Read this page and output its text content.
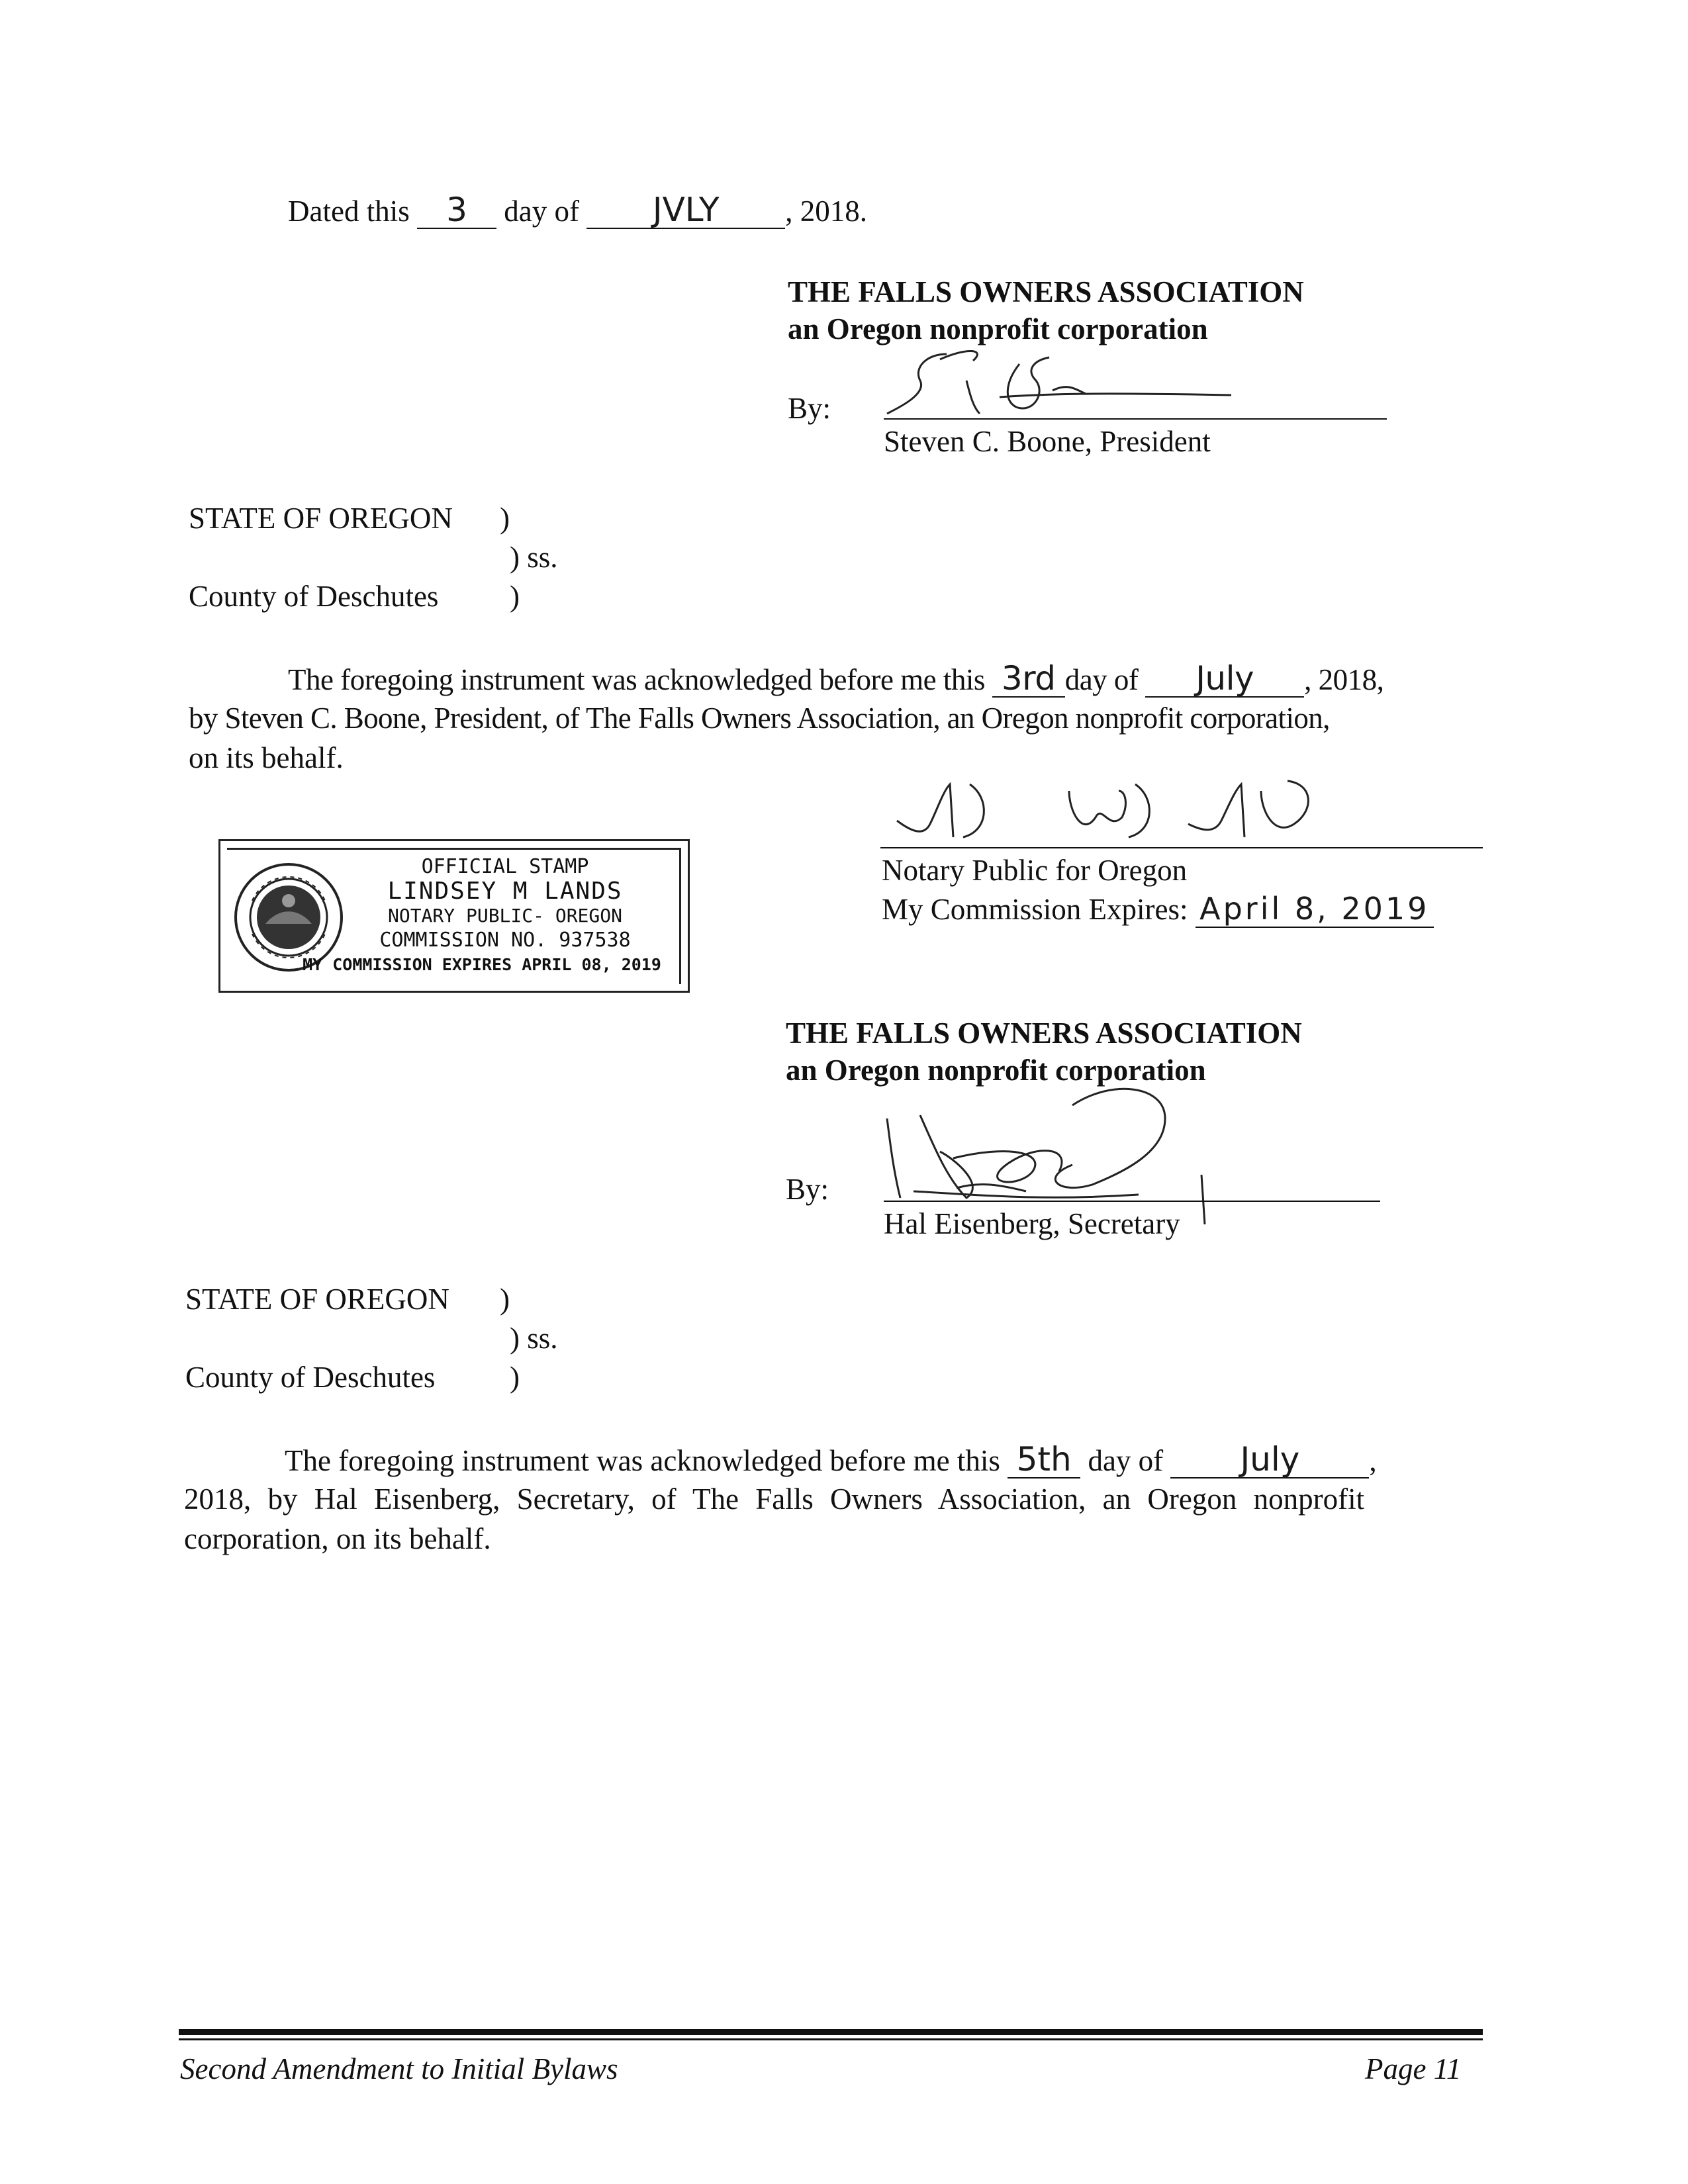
Dated this 3 day of JVLY , 2018.
THE FALLS OWNERS ASSOCIATION
an Oregon nonprofit corporation
By:
Steven C. Boone, President
STATE OF OREGON )
) ss.
County of Deschutes )
The foregoing instrument was acknowledged before me this 3rd day of July , 2018,
by Steven C. Boone, President, of The Falls Owners Association, an Oregon nonprofit corporation,
on its behalf.
Notary Public for Oregon
My Commission Expires: April 8, 2019
OFFICIAL STAMP
LINDSEY M LANDS
NOTARY PUBLIC- OREGON
COMMISSION NO. 937538
MY COMMISSION EXPIRES APRIL 08, 2019
THE FALLS OWNERS ASSOCIATION
an Oregon nonprofit corporation
By:
Hal Eisenberg, Secretary
STATE OF OREGON )
) ss.
County of Deschutes	)
The foregoing instrument was acknowledged before me this 5th day of July ,
2018, by Hal Eisenberg, Secretary, of The Falls Owners Association, an Oregon nonprofit
corporation, on its behalf.
Second Amendment to Initial Bylaws	Page 11
